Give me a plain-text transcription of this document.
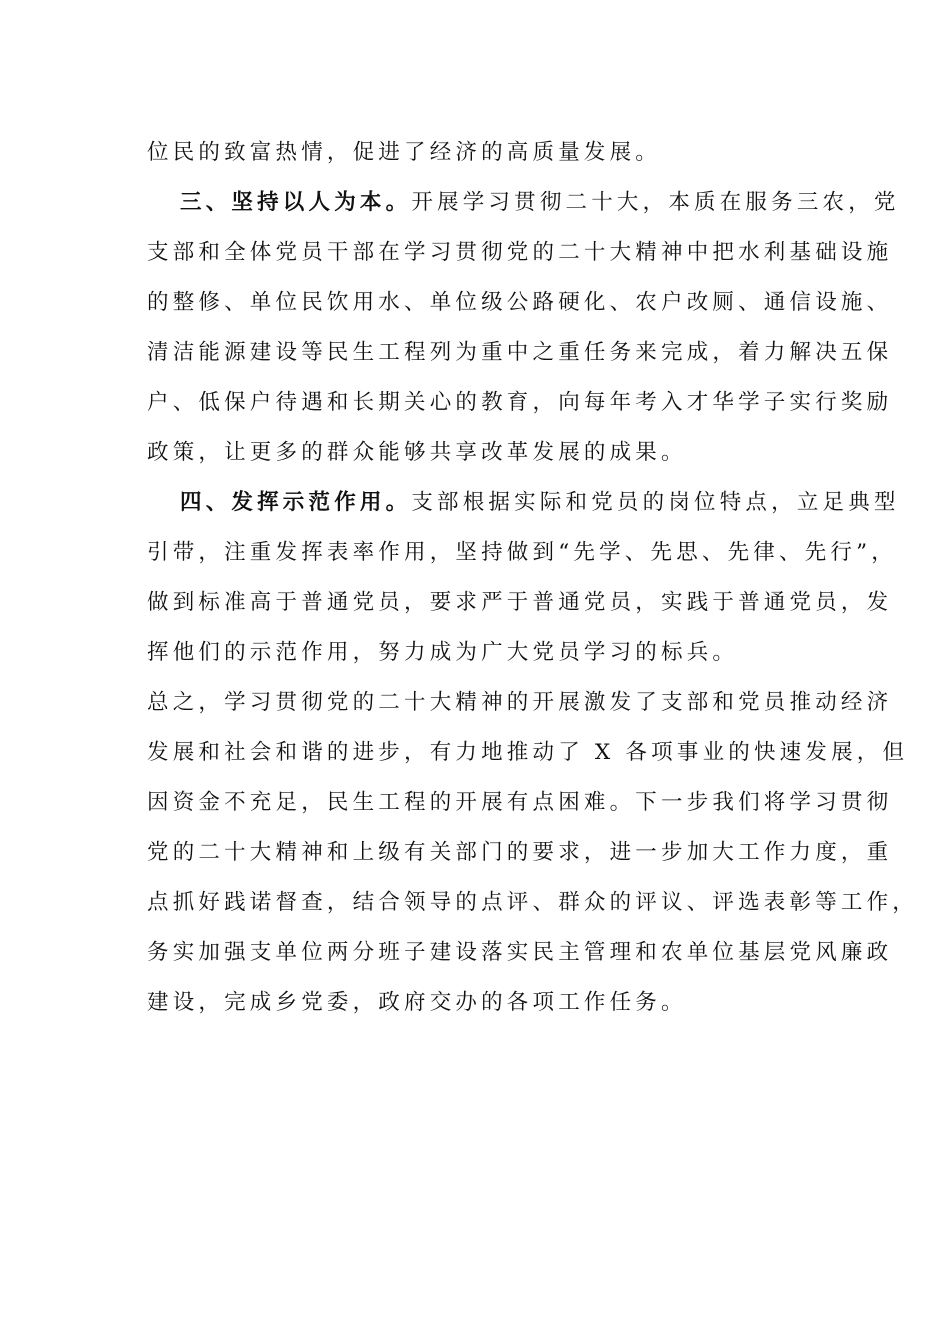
位民的致富热情，促进了经济的高质量发展。
三、坚持以人为本。开展学习贯彻二十大，本质在服务三农，党
支部和全体党员干部在学习贯彻党的二十大精神中把水利基础设施
的整修、单位民饮用水、单位级公路硬化、农户改厕、通信设施、
清洁能源建设等民生工程列为重中之重任务来完成，着力解决五保
户、低保户待遇和长期关心的教育，向每年考入才华学子实行奖励
政策，让更多的群众能够共享改革发展的成果。
四、发挥示范作用。支部根据实际和党员的岗位特点，立足典型
引带，注重发挥表率作用，坚持做到“先学、先思、先律、先行”，
做到标准高于普通党员，要求严于普通党员，实践于普通党员，发
挥他们的示范作用，努力成为广大党员学习的标兵。
总之，学习贯彻党的二十大精神的开展激发了支部和党员推动经济
发展和社会和谐的进步，有力地推动了 X 各项事业的快速发展，但
因资金不充足，民生工程的开展有点困难。下一步我们将学习贯彻
党的二十大精神和上级有关部门的要求，进一步加大工作力度，重
点抓好践诺督查，结合领导的点评、群众的评议、评选表彰等工作，
务实加强支单位两分班子建设落实民主管理和农单位基层党风廉政
建设，完成乡党委，政府交办的各项工作任务。
